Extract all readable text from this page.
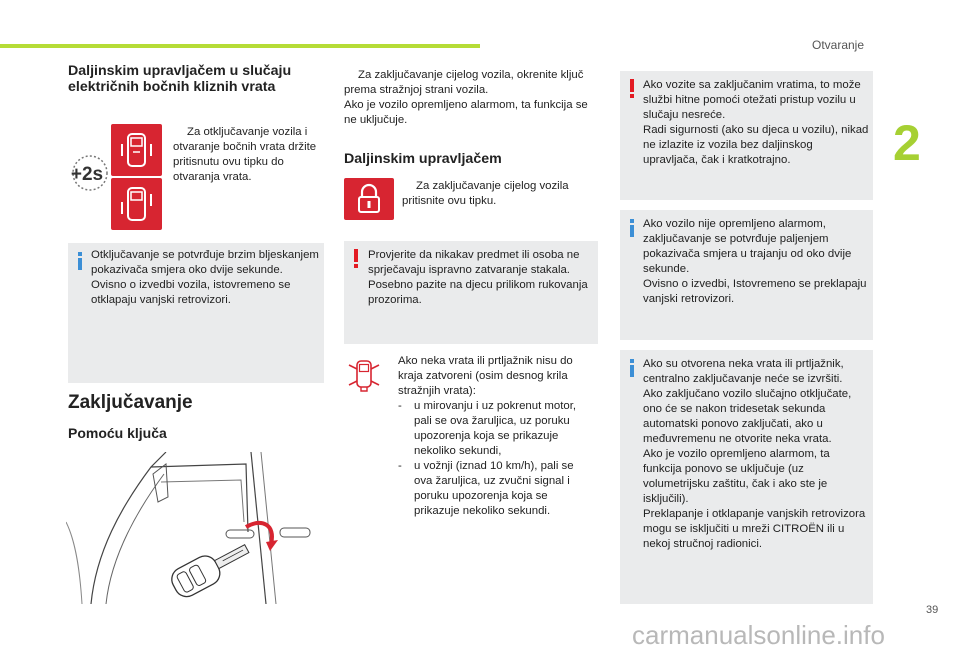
Otvaranje
2
Daljinskim upravljačem u slučaju električnih bočnih kliznih vrata
+2s
Za otključavanje vozila i otvaranje bočnih vrata držite pritisnutu ovu tipku do otvaranja vrata.
Otključavanje se potvrđuje brzim bljeskanjem pokazivača smjera oko dvije sekunde.
Ovisno o izvedbi vozila, istovremeno se otklapaju vanjski retrovizori.
Zaključavanje
Pomoću ključa
Za zaključavanje cijelog vozila, okrenite ključ prema stražnjoj strani vozila.
Ako je vozilo opremljeno alarmom, ta funkcija se ne uključuje.
Daljinskim upravljačem
Za zaključavanje cijelog vozila pritisnite ovu tipku.
Provjerite da nikakav predmet ili osoba ne sprječavaju ispravno zatvaranje stakala.
Posebno pazite na djecu prilikom rukovanja prozorima.
Ako neka vrata ili prtljažnik nisu do kraja zatvoreni (osim desnog krila stražnjih vrata):
- u mirovanju i uz pokrenut motor, pali se ova žaruljica, uz poruku upozorenja koja se prikazuje nekoliko sekundi,
- u vožnji (iznad 10 km/h), pali se ova žaruljica, uz zvučni signal i poruku upozorenja koja se prikazuje nekoliko sekundi.
Ako vozite sa zaključanim vratima, to može službi hitne pomoći otežati pristup vozilu u slučaju nesreće.
Radi sigurnosti (ako su djeca u vozilu), nikad ne izlazite iz vozila bez daljinskog upravljača, čak i kratkotrajno.
Ako vozilo nije opremljeno alarmom, zaključavanje se potvrđuje paljenjem pokazivača smjera u trajanju od oko dvije sekunde.
Ovisno o izvedbi, Istovremeno se preklapaju vanjski retrovizori.
Ako su otvorena neka vrata ili prtljažnik, centralno zaključavanje neće se izvršiti.
Ako zaključano vozilo slučajno otključate, ono će se nakon tridesetak sekunda automatski ponovo zaključati, ako u međuvremenu ne otvorite neka vrata.
Ako je vozilo opremljeno alarmom, ta funkcija ponovo se uključuje (uz volumetrijsku zaštitu, čak i ako ste je isključili).
Preklapanje i otklapanje vanjskih retrovizora mogu se isključiti u mreži CITROËN ili u nekoj stručnoj radionici.
39
carmanualsonline.info
